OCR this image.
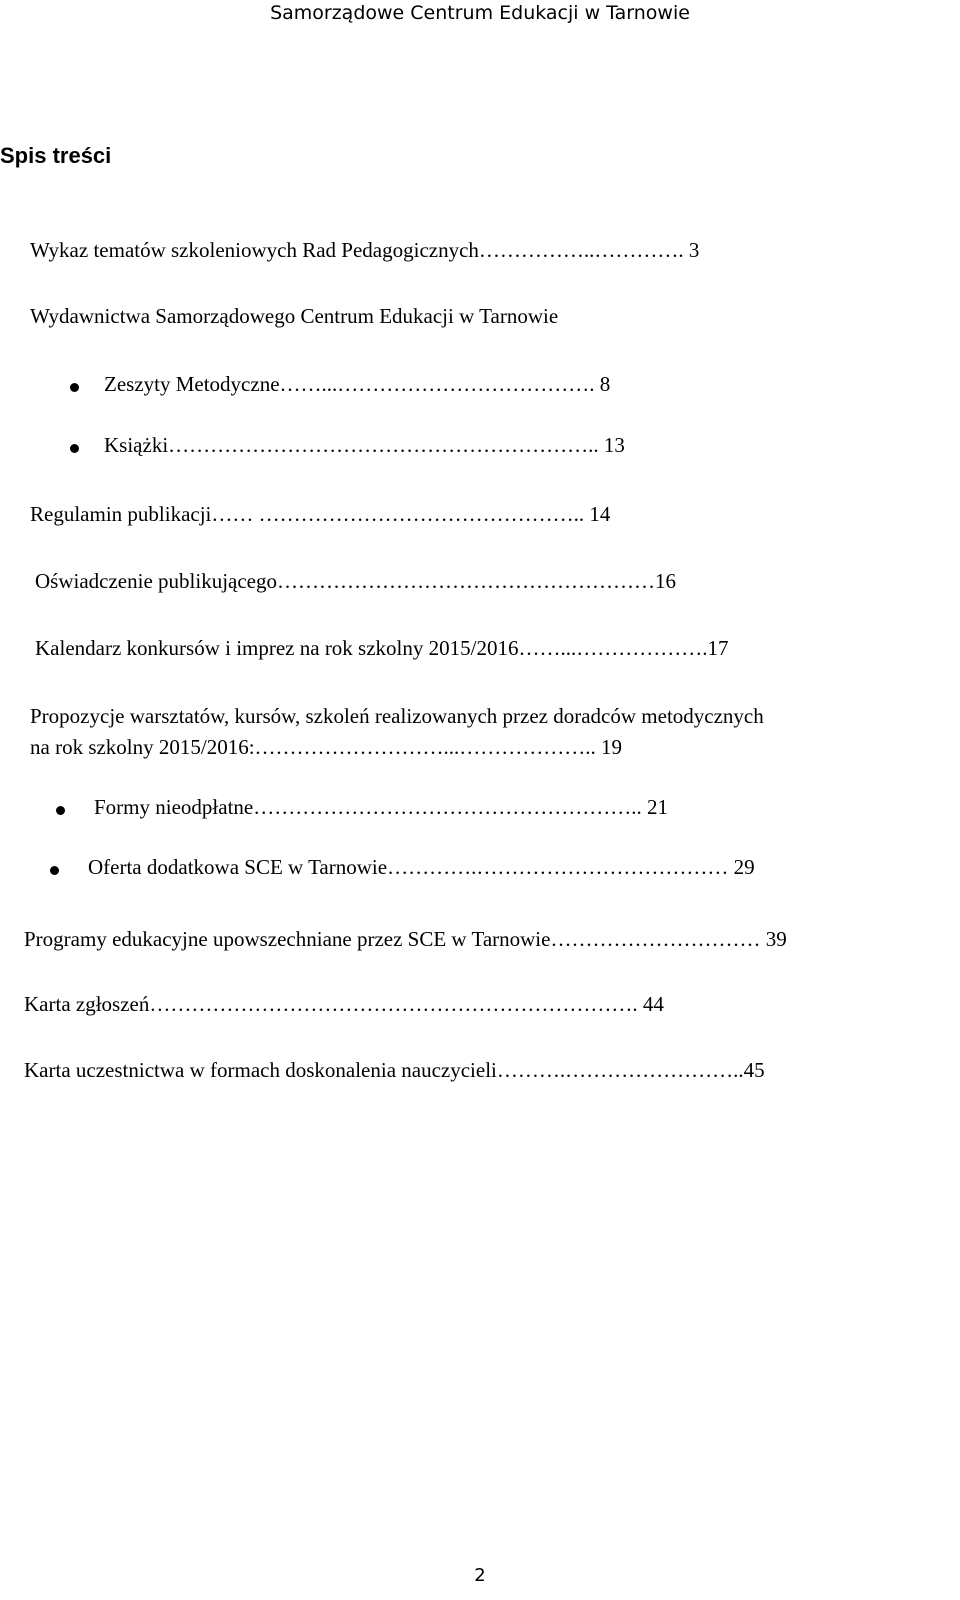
Samorządowe Centrum Edukacji w Tarnowie
Spis treści
Wykaz tematów szkoleniowych Rad Pedagogicznych……………..…………. 3
Wydawnictwa Samorządowego Centrum Edukacji w Tarnowie
Zeszyty Metodyczne……...………………………………. 8
Książki…………………………………………………….. 13
Regulamin publikacji…… ……………………………………….. 14
Oświadczenie publikującego………………………………………………16
Kalendarz konkursów i imprez na rok szkolny 2015/2016……...……………….17
Propozycje warsztatów, kursów, szkoleń realizowanych przez doradców metodycznych
na rok szkolny 2015/2016:………………………...……………….. 19
Formy nieodpłatne……………………………………………….. 21
Oferta dodatkowa SCE w Tarnowie………….……………………………… 29
Programy edukacyjne upowszechniane przez SCE w Tarnowie………………………… 39
Karta zgłoszeń……………………………………………………………. 44
Karta uczestnictwa w formach doskonalenia nauczycieli……….……………………..45
2
